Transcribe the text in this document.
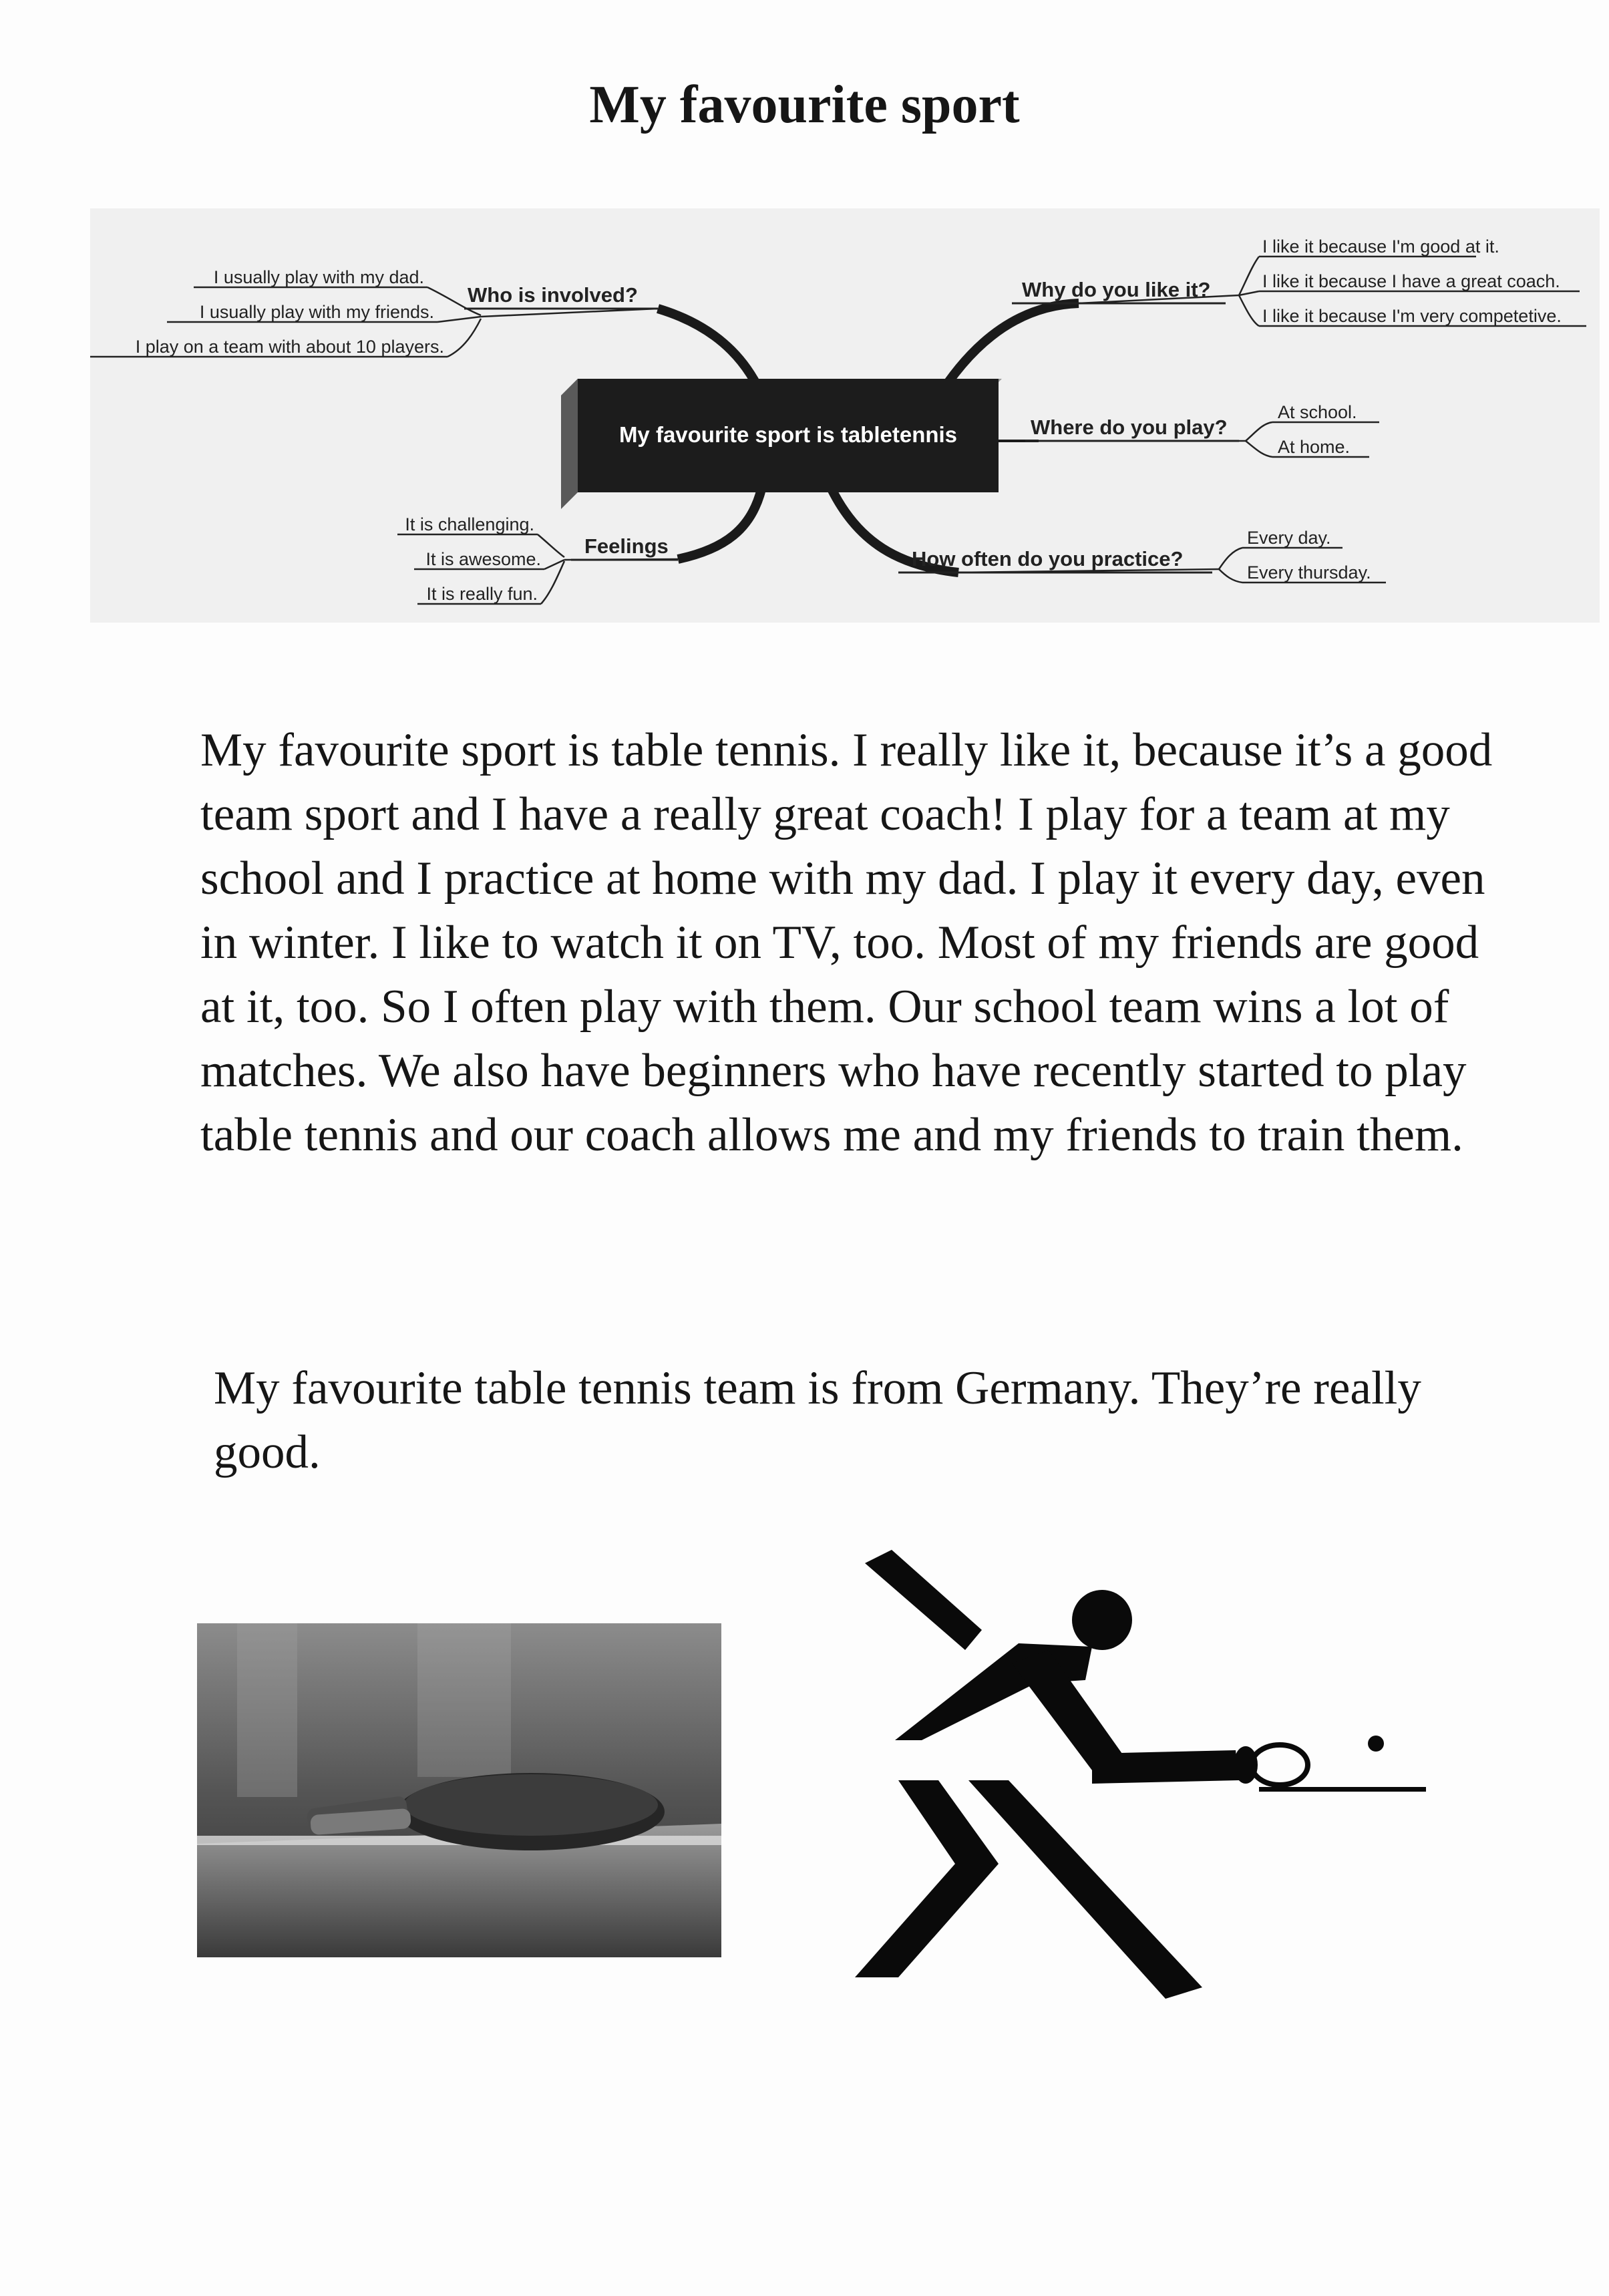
My favourite sport
My favourite sport is tabletennis
Who is involved?	Why do you like it?
Where do you play?
Feelings
How often do you practice?
I usually play with my dad.
I usually play with my friends.
I play on a team with about 10 players.
I like it because I'm good at it.
I like it because I have a great coach.
I like it because I'm very competetive.
At school.
At home.
It is challenging.
It is awesome.
It is really fun.
Every day.
Every thursday.

My favourite sport is table tennis. I really like it, because it’s a good team sport and I have a really great coach! I play for a team at my school and I practice at home with my dad. I play it every day, even in winter. I like to watch it on TV, too. Most of my friends are good at it, too. So I often play with them. Our school team wins a lot of matches. We also have beginners who have recently started to play table tennis and our coach allows me and my friends to train them.

My favourite table tennis team is from Germany. They’re really good.
